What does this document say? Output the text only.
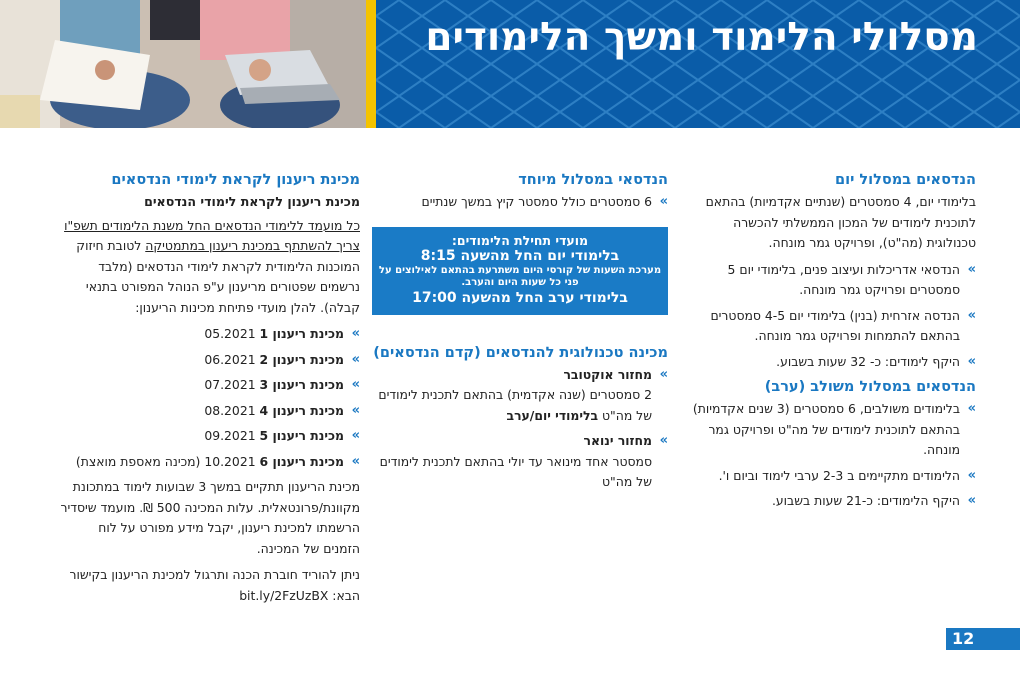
מסלולי הלימוד ומשך הלימודים
הנדסאים במסלול יום

בלימודי יום, 4 סמסטרים (שנתיים אקדמיות) בהתאם לתוכנית לימודים של המכון הממשלתי להכשרה טכנולוגית (מה"ט), ופרויקט גמר מונחה.

»
הנדסאי אדריכלות ועיצוב פנים, בלימודי יום 5 סמסטרים ופרויקט גמר מונחה.
»
הנדסה אזרחית (בנין) בלימודי יום 4-5 סמסטרים בהתאם להתמחות ופרויקט גמר מונחה.
»
היקף לימודים: כ- 32 שעות בשבוע.
הנדסאים במסלול משולב (ערב)
»
בלימודים משולבים, 6 סמסטרים (3 שנים אקדמיות) בהתאם לתוכנית לימודים של מה"ט ופרויקט גמר מונחה.
»
הלימודים מתקיימים ב 2-3 ערבי לימוד וביום ו'.
»
היקף הלימודים: כ-21 שעות בשבוע.
הנדסאי במסלול מיוחד
»
6 סמסטרים כולל סמסטר קיץ במשך שנתיים
מועדי תחילת הלימודים:
בלימודי יום החל מהשעה 8:15
מערכת השעות של קורסי היום משתרעת בהתאם לאילוצים על פני כל שעות היום והערב.
בלימודי ערב החל מהשעה 17:00
מכינה טכנולוגית להנדסאים (קדם הנדסאים)
»
מחזור אוקטובר
2 סמסטרים (שנה אקדמית) בהתאם לתכנית לימודים של מה"ט בלימודי יום/ערב
»
מחזור ינואר
סמסטר אחד מינואר עד יולי בהתאם לתכנית לימודים של מה"ט
מכינת ריענון לקראת לימודי הנדסאים
מכינת ריענון לקראת לימודי הנדסאים

כל מועמד ללימודי הנדסאים החל משנת הלימודים תשפ"ו צריך להשתתף במכינת ריענון במתמטיקה לטובת חיזוק המוכנות הלימודית לקראת לימודי הנדסאים (מלבד נרשמים שפטורים מריענון ע"פ הנוהל המפורט בתנאי קבלה). להלן מועדי פתיחת מכינות הריענון:

»
מכינת ריענון 1 05.2021
»
מכינת ריענון 2 06.2021
»
מכינת ריענון 3 07.2021
»
מכינת ריענון 4 08.2021
»
מכינת ריענון 5 09.2021
»
מכינת ריענון 6 10.2021 (מכינה מאספת מואצת)

מכינת הריענון תתקיים במשך 3 שבועות לימוד במתכונת מקוונת/פרונטאלית. עלות המכינה 500 ₪. מועמד שיסדיר הרשמתו למכינת ריענון, יקבל מידע מפורט על לוח הזמנים של המכינה.

ניתן להוריד חוברת הכנה ותרגול למכינת הריענון בקישור הבא: bit.ly/2FzUzBX

12
